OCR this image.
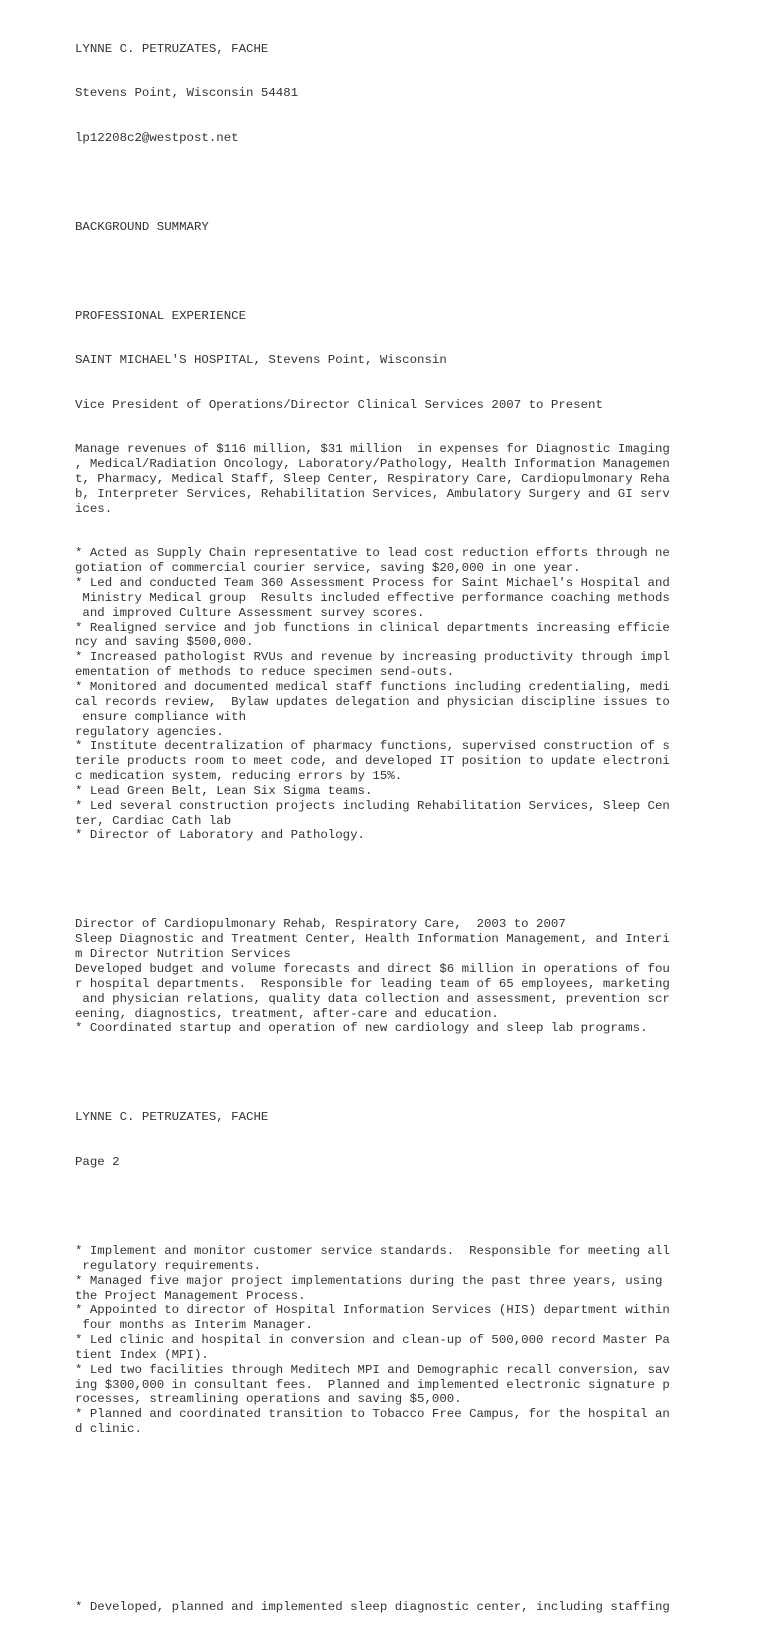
LYNNE C. PETRUZATES, FACHE

Stevens Point, Wisconsin 54481

lp12208c2@westpost.net

BACKGROUND SUMMARY

PROFESSIONAL EXPERIENCE

SAINT MICHAEL'S HOSPITAL, Stevens Point, Wisconsin

Vice President of Operations/Director Clinical Services 2007 to Present

Manage revenues of $116 million, $31 million  in expenses for Diagnostic Imaging
, Medical/Radiation Oncology, Laboratory/Pathology, Health Information Managemen
t, Pharmacy, Medical Staff, Sleep Center, Respiratory Care, Cardiopulmonary Reha
b, Interpreter Services, Rehabilitation Services, Ambulatory Surgery and GI serv
ices.

* Acted as Supply Chain representative to lead cost reduction efforts through ne
gotiation of commercial courier service, saving $20,000 in one year.
* Led and conducted Team 360 Assessment Process for Saint Michael's Hospital and
Ministry Medical group  Results included effective performance coaching methods
and improved Culture Assessment survey scores.
* Realigned service and job functions in clinical departments increasing efficie
ncy and saving $500,000.
* Increased pathologist RVUs and revenue by increasing productivity through impl
ementation of methods to reduce specimen send-outs.
* Monitored and documented medical staff functions including credentialing, medi
cal records review,  Bylaw updates delegation and physician discipline issues to
ensure compliance with
regulatory agencies.
* Institute decentralization of pharmacy functions, supervised construction of s
terile products room to meet code, and developed IT position to update electroni
c medication system, reducing errors by 15%.
* Lead Green Belt, Lean Six Sigma teams.
* Led several construction projects including Rehabilitation Services, Sleep Cen
ter, Cardiac Cath lab
* Director of Laboratory and Pathology.

Director of Cardiopulmonary Rehab, Respiratory Care,  2003 to 2007
Sleep Diagnostic and Treatment Center, Health Information Management, and Interi
m Director Nutrition Services
Developed budget and volume forecasts and direct $6 million in operations of fou
r hospital departments.  Responsible for leading team of 65 employees, marketing
and physician relations, quality data collection and assessment, prevention scr
eening, diagnostics, treatment, after-care and education.
* Coordinated startup and operation of new cardiology and sleep lab programs.

LYNNE C. PETRUZATES, FACHE

Page 2

* Implement and monitor customer service standards.  Responsible for meeting all
regulatory requirements.
* Managed five major project implementations during the past three years, using
the Project Management Process.
* Appointed to director of Hospital Information Services (HIS) department within
four months as Interim Manager.
* Led clinic and hospital in conversion and clean-up of 500,000 record Master Pa
tient Index (MPI).
* Led two facilities through Meditech MPI and Demographic recall conversion, sav
ing $300,000 in consultant fees.  Planned and implemented electronic signature p
rocesses, streamlining operations and saving $5,000.
* Planned and coordinated transition to Tobacco Free Campus, for the hospital an
d clinic.

* Developed, planned and implemented sleep diagnostic center, including staffing
